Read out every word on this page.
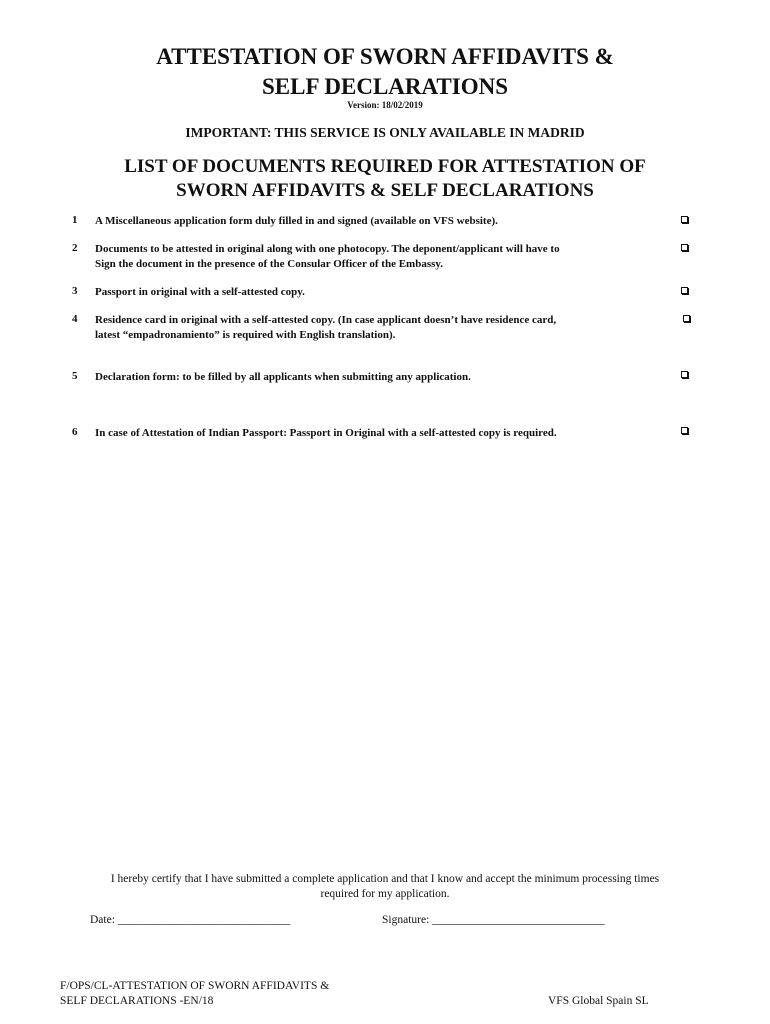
ATTESTATION OF SWORN AFFIDAVITS &
SELF DECLARATIONS
Version: 18/02/2019
IMPORTANT: THIS SERVICE IS ONLY AVAILABLE IN MADRID
LIST OF DOCUMENTS REQUIRED FOR ATTESTATION OF
SWORN AFFIDAVITS & SELF DECLARATIONS
1 A Miscellaneous application form duly filled in and signed (available on VFS website).
2 Documents to be attested in original along with one photocopy. The deponent/applicant will have to
Sign the document in the presence of the Consular Officer of the Embassy.
3 Passport in original with a self-attested copy.
4 Residence card in original with a self-attested copy. (In case applicant doesn’t have residence card,
latest “empadronamiento” is required with English translation).
5 Declaration form: to be filled by all applicants when submitting any application.
6 In case of Attestation of Indian Passport: Passport in Original with a self-attested copy is required.
I hereby certify that I have submitted a complete application and that I know and accept the minimum processing times
required for my application.
Date: ______________________________	Signature: ______________________________
F/OPS/CL-ATTESTATION OF SWORN AFFIDAVITS &
SELF DECLARATIONS -EN/18	VFS Global Spain SL
